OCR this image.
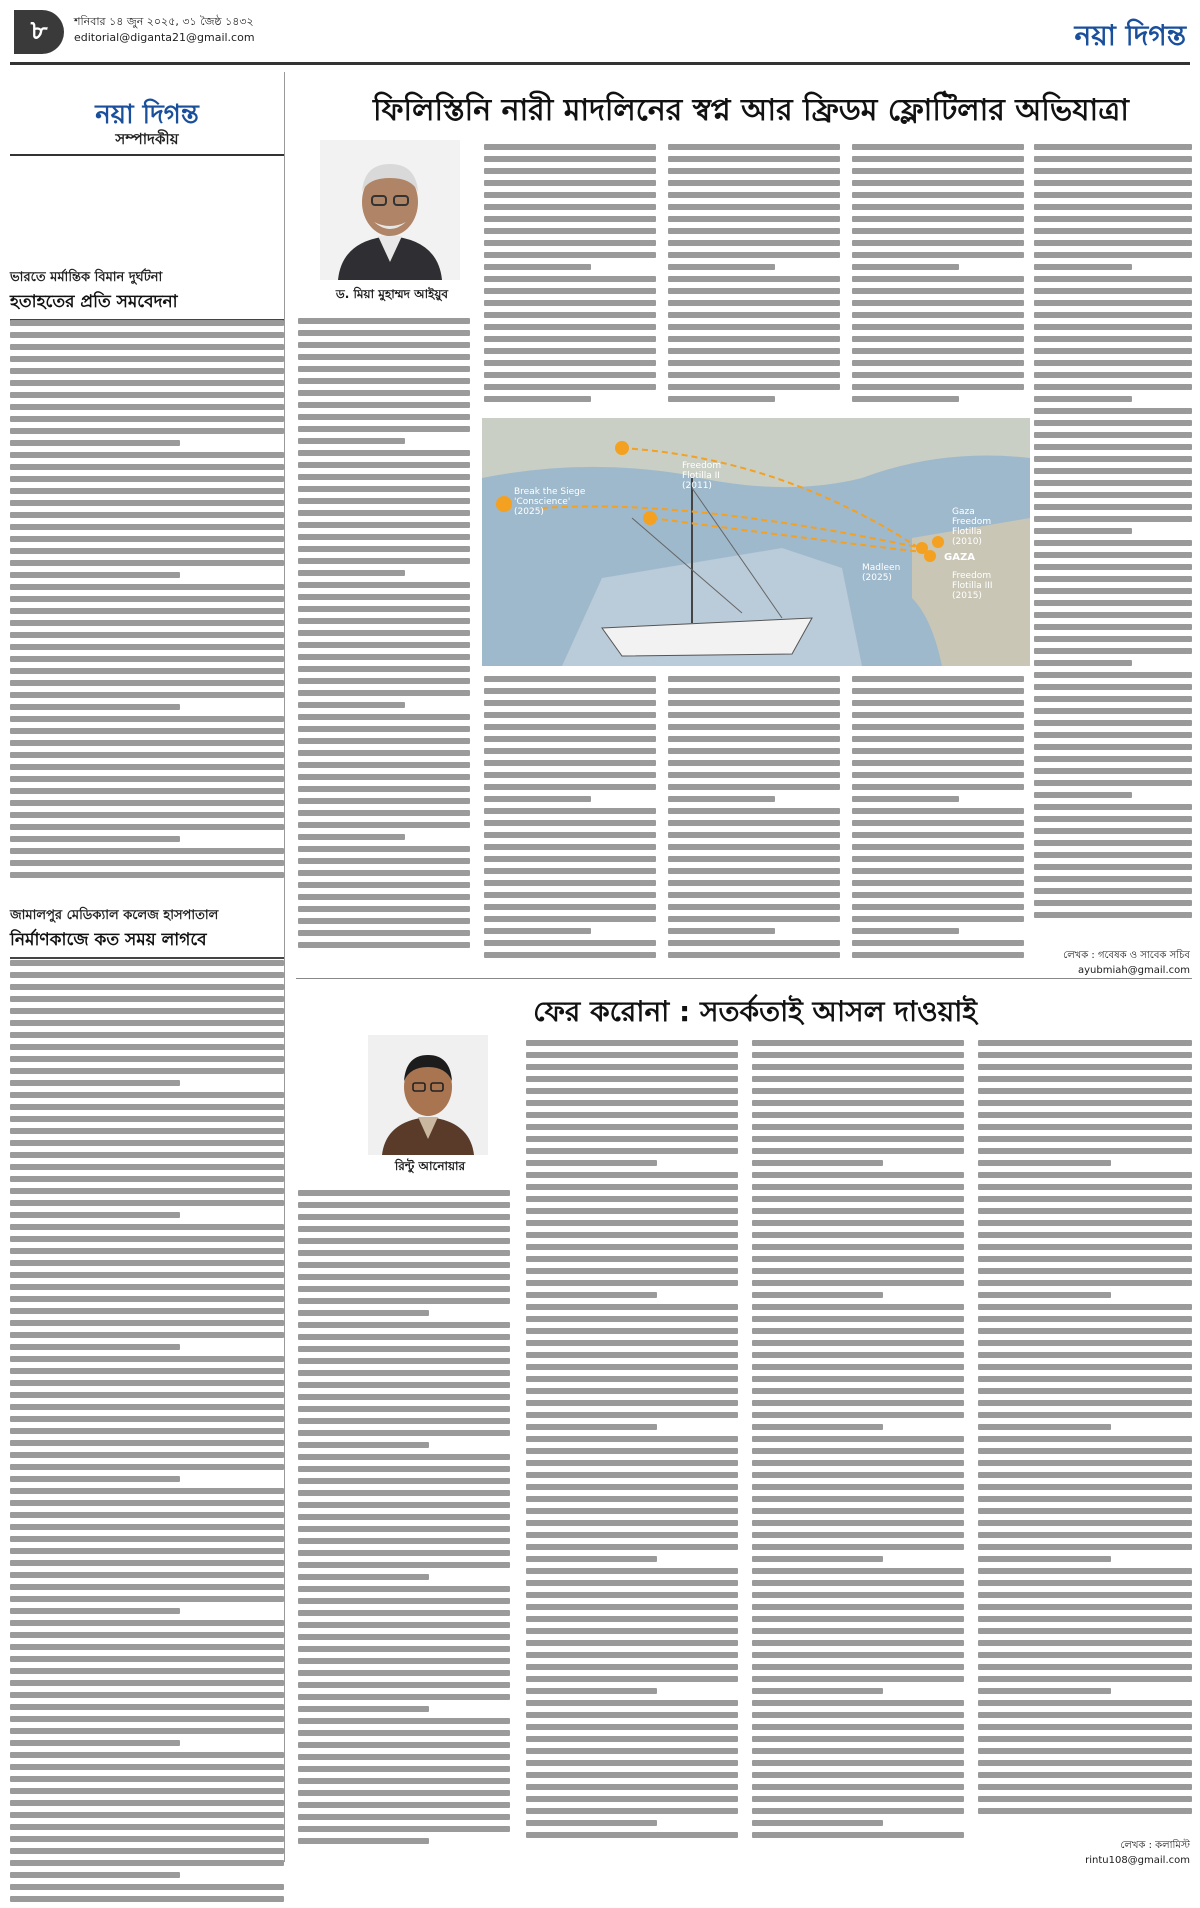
৮	শনিবার ১৪ জুন ২০২৫, ৩১ জৈষ্ঠ ১৪৩২
editorial@diganta21@gmail.com	নয়া দিগন্ত
নয়া দিগন্ত
সম্পাদকীয়
ভারতে মর্মান্তিক বিমান দুর্ঘটনা
হতাহতের প্রতি সমবেদনা
জামালপুর মেডিক্যাল কলেজ হাসপাতাল
নির্মাণকাজে কত সময় লাগবে
ফিলিস্তিনি নারী মাদলিনের স্বপ্ন আর ফ্রিডম ফ্লোটিলার অভিযাত্রা
ড. মিয়া মুহাম্মদ আইয়ুব
Break the Siege 'Conscience' (2025)
Freedom Flotilla II (2011)
Gaza Freedom Flotilla (2010)
Madleen (2025)
GAZA
Freedom Flotilla III (2015)
লেখক : গবেষক ও সাবেক সচিব
ayubmiah@gmail.com
ফের করোনা : সতর্কতাই আসল দাওয়াই
রিন্টু আনোয়ার
লেখক : কলামিস্ট
rintu108@gmail.com
